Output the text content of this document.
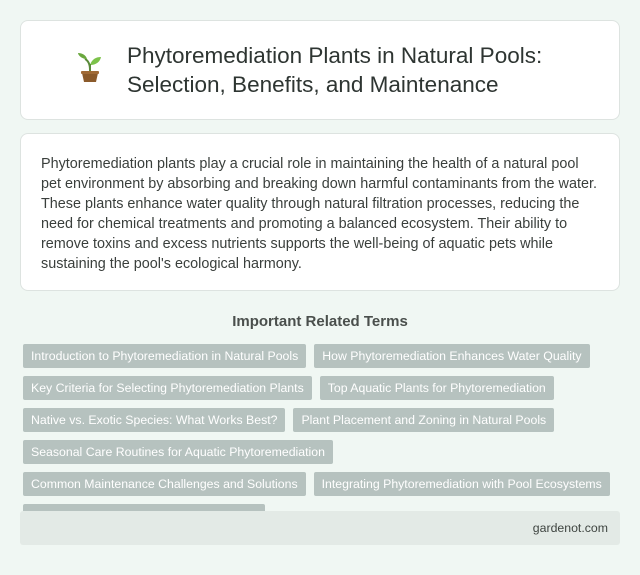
Phytoremediation Plants in Natural Pools: Selection, Benefits, and Maintenance

Phytoremediation plants play a crucial role in maintaining the health of a natural pool pet environment by absorbing and breaking down harmful contaminants from the water. These plants enhance water quality through natural filtration processes, reducing the need for chemical treatments and promoting a balanced ecosystem. Their ability to remove toxins and excess nutrients supports the well-being of aquatic pets while sustaining the pool's ecological harmony.

Important Related Terms
Introduction to Phytoremediation in Natural Pools	How Phytoremediation Enhances Water Quality
Key Criteria for Selecting Phytoremediation Plants	Top Aquatic Plants for Phytoremediation
Native vs. Exotic Species: What Works Best?	Plant Placement and Zoning in Natural Pools
Seasonal Care Routines for Aquatic Phytoremediation
Common Maintenance Challenges and Solutions	Integrating Phytoremediation with Pool Ecosystems
gardenot.com
